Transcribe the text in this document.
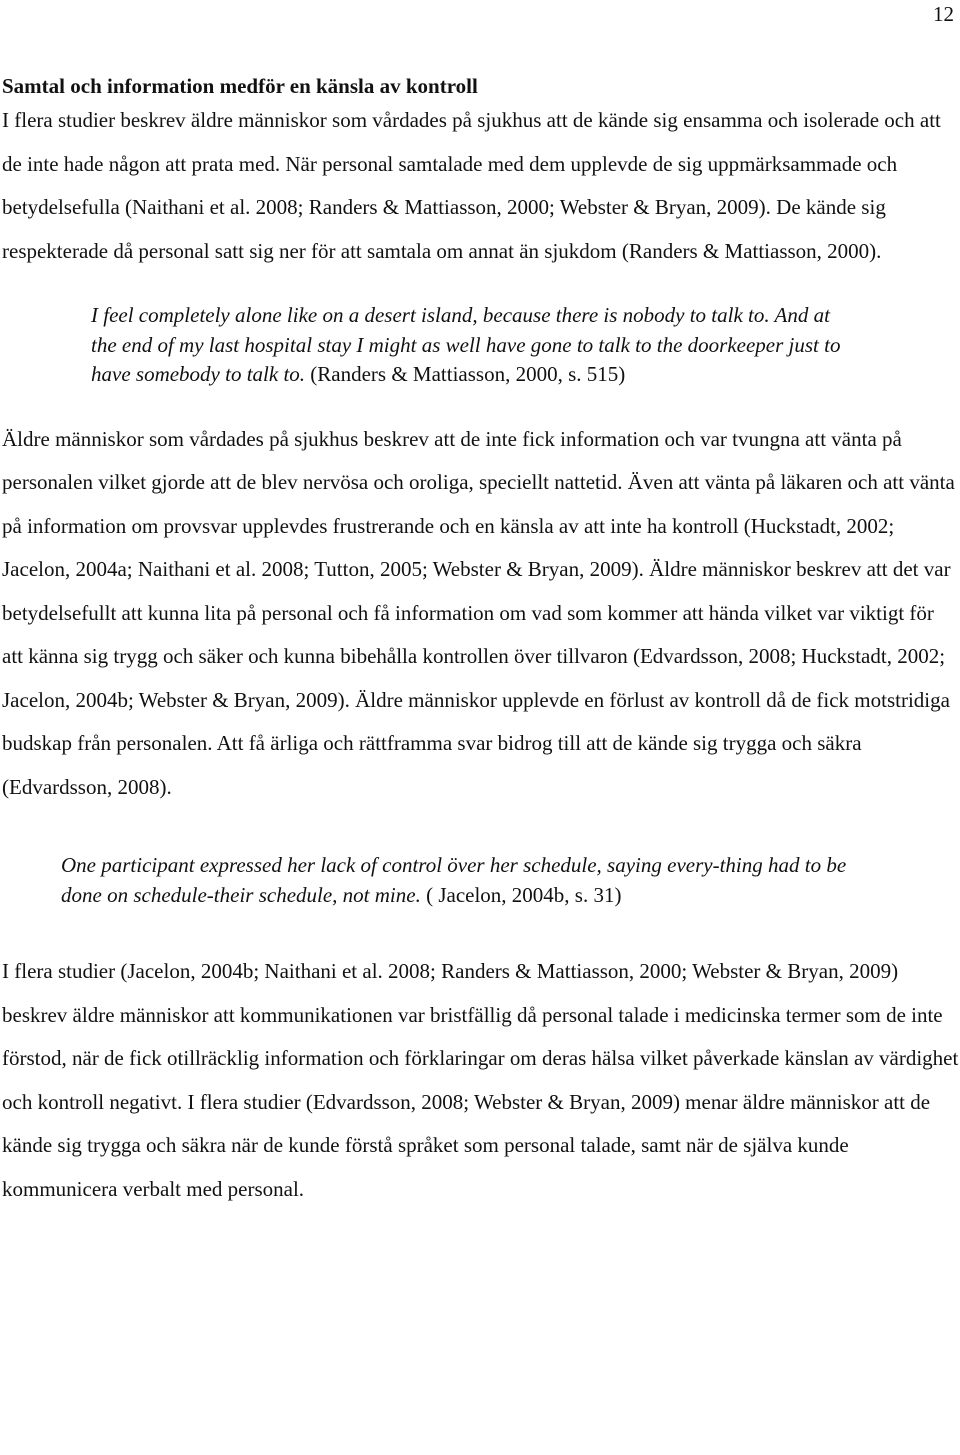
12
Samtal och information medför en känsla av kontroll

I flera studier beskrev äldre människor som vårdades på sjukhus att de kände sig ensamma och isolerade och att de inte hade någon att prata med. När personal samtalade med dem upplevde de sig uppmärksammade och betydelsefulla (Naithani et al. 2008; Randers & Mattiasson, 2000; Webster & Bryan, 2009). De kände sig respekterade då personal satt sig ner för att samtala om annat än sjukdom (Randers & Mattiasson, 2000).

I feel completely alone like on a desert island, because there is nobody to talk to. And at the end of my last hospital stay I might as well have gone to talk to the doorkeeper just to have somebody to talk to. (Randers & Mattiasson, 2000, s. 515)

Äldre människor som vårdades på sjukhus beskrev att de inte fick information och var tvungna att vänta på personalen vilket gjorde att de blev nervösa och oroliga, speciellt nattetid. Även att vänta på läkaren och att vänta på information om provsvar upplevdes frustrerande och en känsla av att inte ha kontroll (Huckstadt, 2002; Jacelon, 2004a; Naithani et al. 2008; Tutton, 2005; Webster & Bryan, 2009). Äldre människor beskrev att det var betydelsefullt att kunna lita på personal och få information om vad som kommer att hända vilket var viktigt för att känna sig trygg och säker och kunna bibehålla kontrollen över tillvaron (Edvardsson, 2008; Huckstadt, 2002; Jacelon, 2004b; Webster & Bryan, 2009). Äldre människor upplevde en förlust av kontroll då de fick motstridiga budskap från personalen. Att få ärliga och rättframma svar bidrog till att de kände sig trygga och säkra (Edvardsson, 2008).

One participant expressed her lack of control över her schedule, saying every-thing had to be done on schedule-their schedule, not mine. ( Jacelon, 2004b, s. 31)

I flera studier (Jacelon, 2004b; Naithani et al. 2008; Randers & Mattiasson, 2000; Webster & Bryan, 2009) beskrev äldre människor att kommunikationen var bristfällig då personal talade i medicinska termer som de inte förstod, när de fick otillräcklig information och förklaringar om deras hälsa vilket påverkade känslan av värdighet och kontroll negativt. I flera studier (Edvardsson, 2008; Webster & Bryan, 2009) menar äldre människor att de kände sig trygga och säkra när de kunde förstå språket som personal talade, samt när de själva kunde kommunicera verbalt med personal.
